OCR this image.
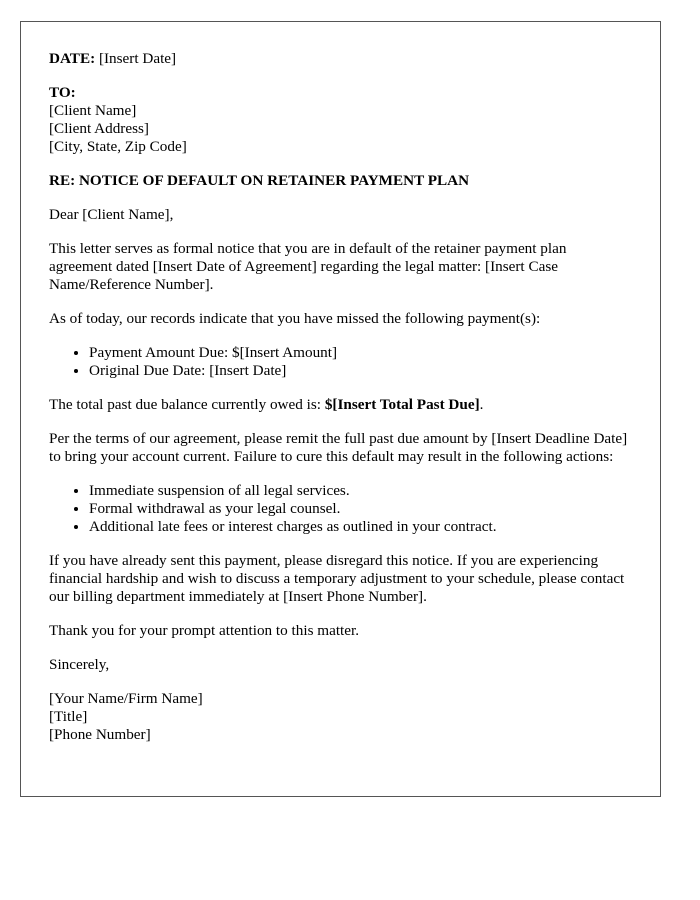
DATE: [Insert Date]

TO:
[Client Name]
[Client Address]
[City, State, Zip Code]

RE: NOTICE OF DEFAULT ON RETAINER PAYMENT PLAN

Dear [Client Name],

This letter serves as formal notice that you are in default of the retainer payment plan agreement dated [Insert Date of Agreement] regarding the legal matter: [Insert Case Name/Reference Number].

As of today, our records indicate that you have missed the following payment(s):

• Payment Amount Due: $[Insert Amount]
• Original Due Date: [Insert Date]

The total past due balance currently owed is: $[Insert Total Past Due].

Per the terms of our agreement, please remit the full past due amount by [Insert Deadline Date] to bring your account current. Failure to cure this default may result in the following actions:

• Immediate suspension of all legal services.
• Formal withdrawal as your legal counsel.
• Additional late fees or interest charges as outlined in your contract.

If you have already sent this payment, please disregard this notice. If you are experiencing financial hardship and wish to discuss a temporary adjustment to your schedule, please contact our billing department immediately at [Insert Phone Number].

Thank you for your prompt attention to this matter.

Sincerely,

[Your Name/Firm Name]
[Title]
[Phone Number]
